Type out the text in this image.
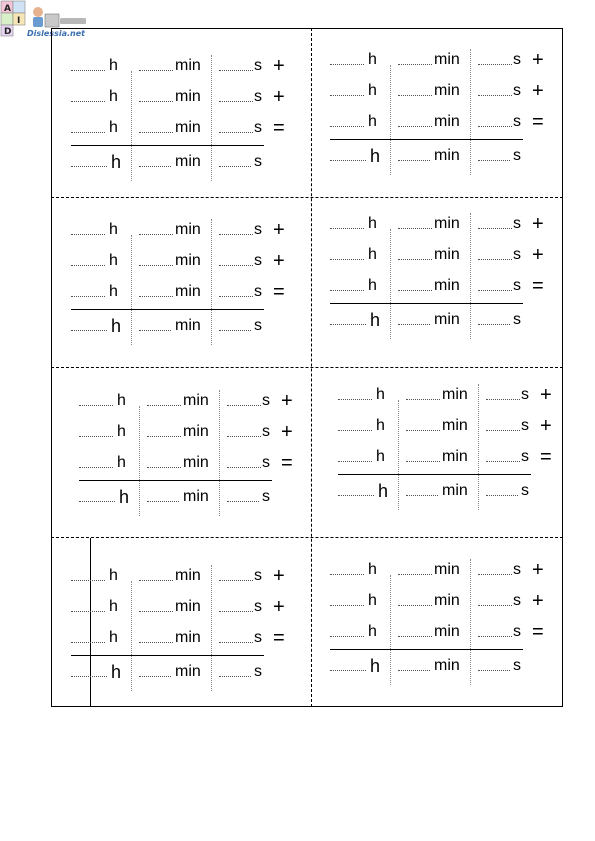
A
I
D Dislessia.net
h	min	s +
h	min	s +
h	min	s =
h	min	s
h	min	s +
h	min	s +
h	min	s =
h	min	s
h	min	s +
h	min	s +
h	min	s =
h	min	s
h	min	s +
h	min	s +
h	min	s =
h	min	s
h	min	s +
h	min	s +
h	min	s =
h	min	s
h	min	s +
h	min	s +
h	min	s =
h	min	s
h	min	s +
h	min	s +
h	min	s =
h	min	s
h	min	s +
h	min	s +
h	min	s =
h	min	s
